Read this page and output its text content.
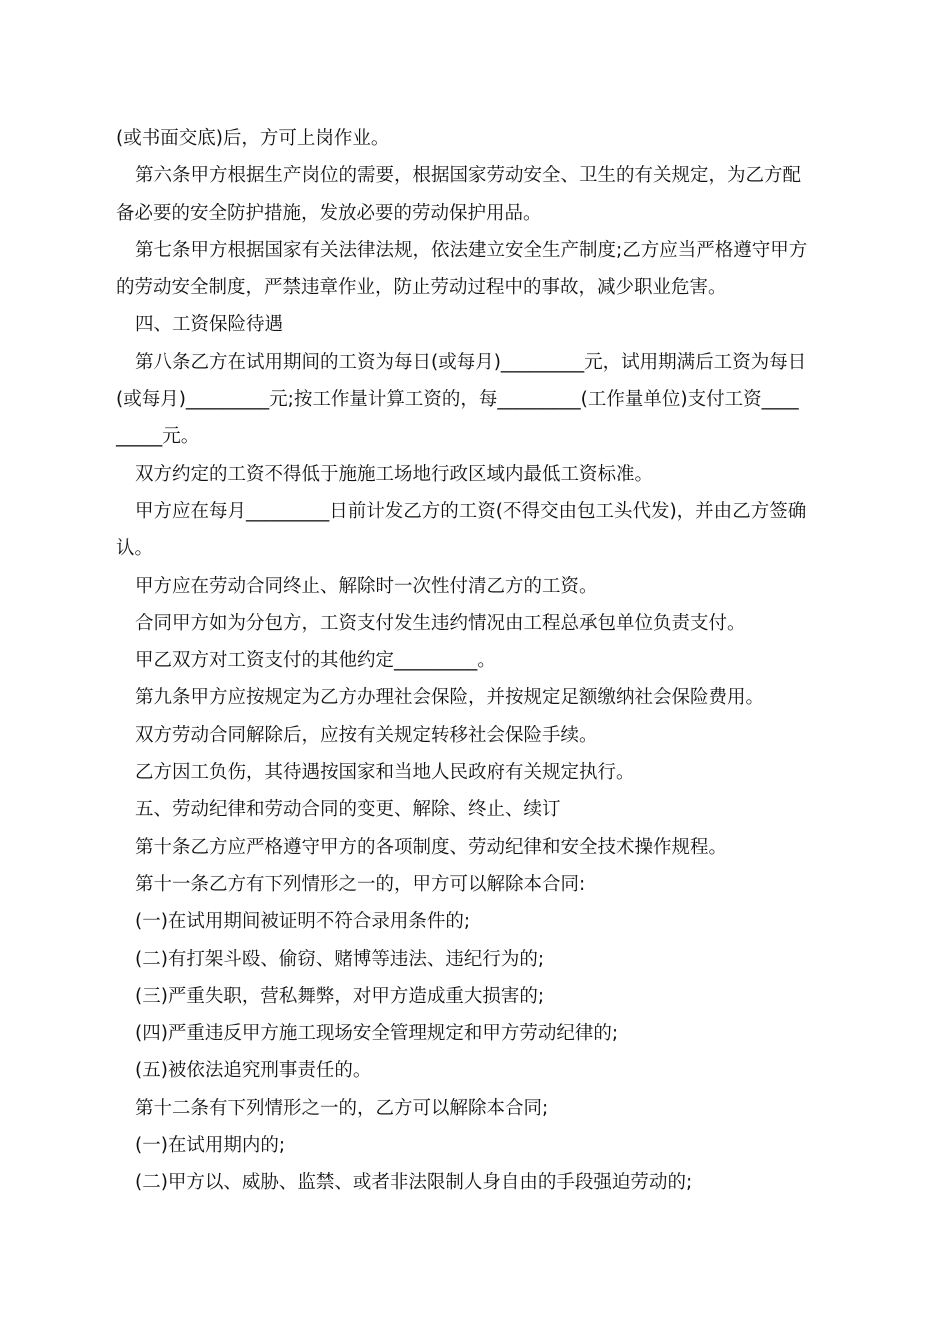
(或书面交底)后，方可上岗作业。
第六条甲方根据生产岗位的需要，根据国家劳动安全、卫生的有关规定，为乙方配
备必要的安全防护措施，发放必要的劳动保护用品。
第七条甲方根据国家有关法律法规，依法建立安全生产制度;乙方应当严格遵守甲方
的劳动安全制度，严禁违章作业，防止劳动过程中的事故，减少职业危害。
四、工资保险待遇
第八条乙方在试用期间的工资为每日(或每月)_________元，试用期满后工资为每日
(或每月)_________元;按工作量计算工资的，每_________(工作量单位)支付工资____
_____元。
双方约定的工资不得低于施施工场地行政区域内最低工资标准。
甲方应在每月_________日前计发乙方的工资(不得交由包工头代发)，并由乙方签确
认。
甲方应在劳动合同终止、解除时一次性付清乙方的工资。
合同甲方如为分包方，工资支付发生违约情况由工程总承包单位负责支付。
甲乙双方对工资支付的其他约定_________。
第九条甲方应按规定为乙方办理社会保险，并按规定足额缴纳社会保险费用。
双方劳动合同解除后，应按有关规定转移社会保险手续。
乙方因工负伤，其待遇按国家和当地人民政府有关规定执行。
五、劳动纪律和劳动合同的变更、解除、终止、续订
第十条乙方应严格遵守甲方的各项制度、劳动纪律和安全技术操作规程。
第十一条乙方有下列情形之一的，甲方可以解除本合同:
(一)在试用期间被证明不符合录用条件的;
(二)有打架斗殴、偷窃、赌博等违法、违纪行为的;
(三)严重失职，营私舞弊，对甲方造成重大损害的;
(四)严重违反甲方施工现场安全管理规定和甲方劳动纪律的;
(五)被依法追究刑事责任的。
第十二条有下列情形之一的，乙方可以解除本合同;
(一)在试用期内的;
(二)甲方以、威胁、监禁、或者非法限制人身自由的手段强迫劳动的;
